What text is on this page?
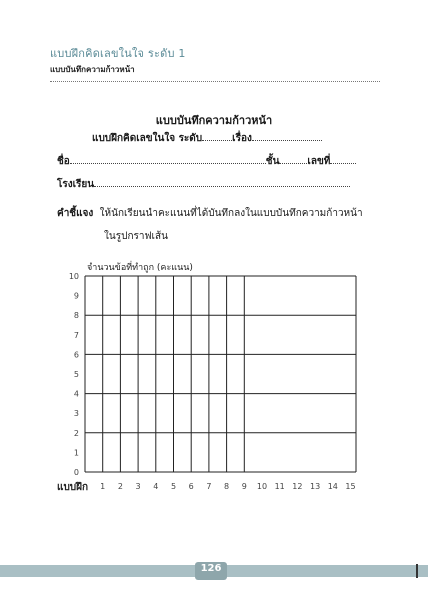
แบบฝึกคิดเลขในใจ ระดับ 1
แบบบันทึกความก้าวหน้า
แบบบันทึกความก้าวหน้า
แบบฝึกคิดเลขในใจ ระดับ	เรื่อง
ชื่อ	ชั้น	เลขที่
โรงเรียน
คำชี้แจง ให้นักเรียนนำคะแนนที่ได้บันทึกลงในแบบบันทึกความก้าวหน้า
ในรูปกราฟเส้น
จำนวนข้อที่ทำถูก (คะแนน)
แบบฝึก
0
1
2
3
4
5
6
7
8
9
10
1 2 3 4 5 6 7 8 9 10 11 12 13 14 15
126
